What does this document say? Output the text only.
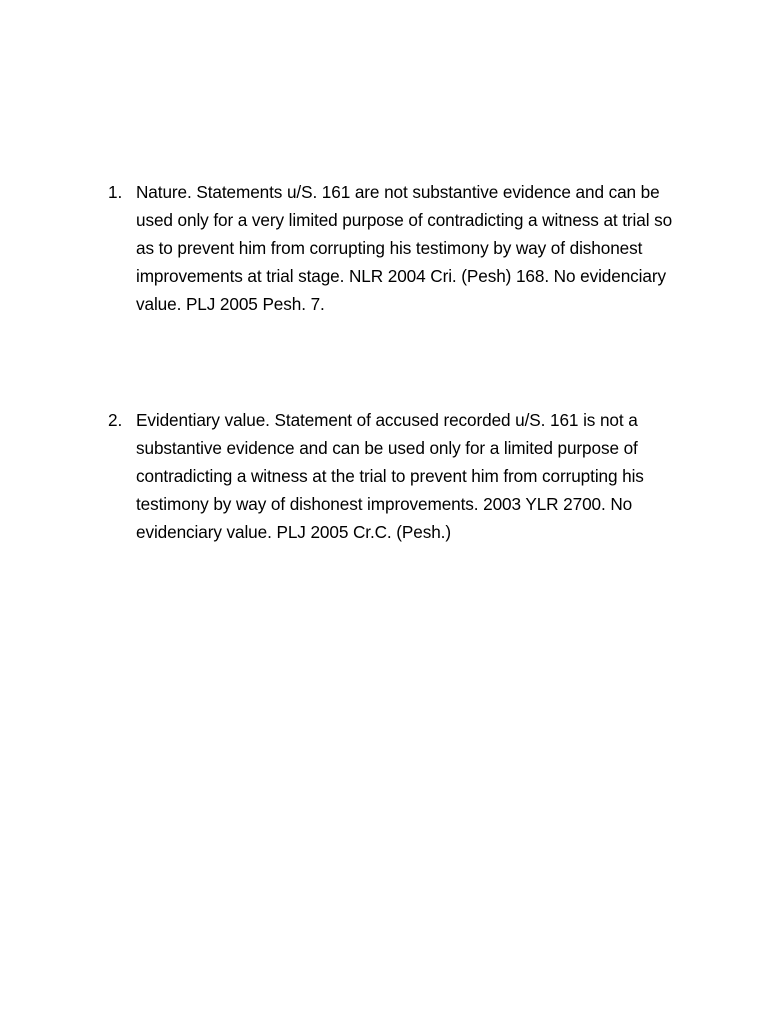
1. Nature. Statements u/S. 161 are not substantive evidence and can be used only for a very limited purpose of contradicting a witness at trial so as to prevent him from corrupting his testimony by way of dishonest improvements at trial stage. NLR 2004 Cri. (Pesh) 168. No evidenciary value. PLJ 2005 Pesh. 7.
2. Evidentiary value. Statement of accused recorded u/S. 161 is not a substantive evidence and can be used only for a limited purpose of contradicting a witness at the trial to prevent him from corrupting his testimony by way of dishonest improvements. 2003 YLR 2700. No evidenciary value. PLJ 2005 Cr.C. (Pesh.)
